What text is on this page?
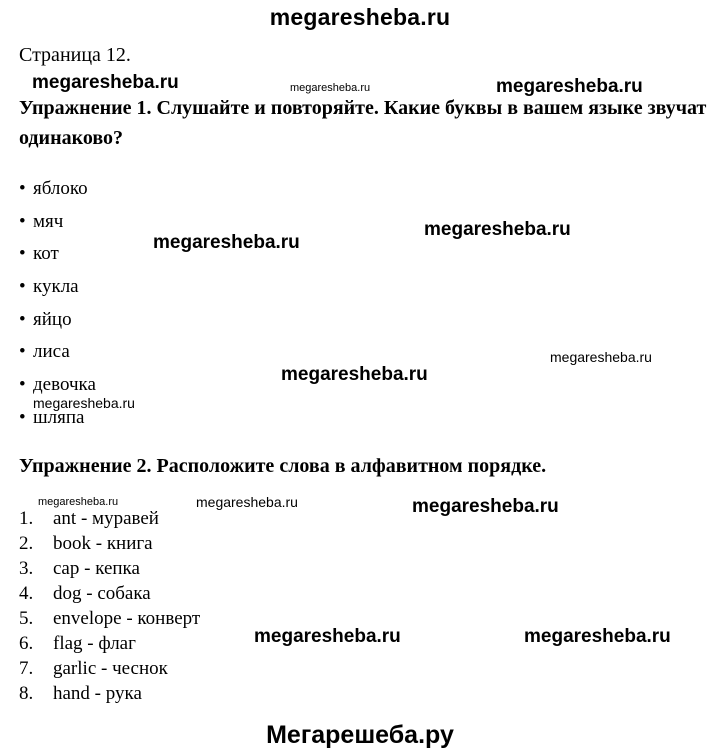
megaresheba.ru
Страница 12.
megaresheba.ru	megaresheba.ru	megaresheba.ru
Упражнение 1. Слушайте и повторяйте. Какие буквы в вашем языке звучат одинаково?
• яблоко
• мяч
• кот
• кукла
• яйцо
• лиса
• девочка
• шляпа
megaresheba.ru
megaresheba.ru
megaresheba.ru
megaresheba.ru
megaresheba.ru
Упражнение 2. Расположите слова в алфавитном порядке.
megaresheba.ru	megaresheba.ru	megaresheba.ru
1. ant - муравей
2. book - книга
3. cap - кепка
4. dog - собака
5. envelope - конверт
6. flag - флаг
7. garlic - чеснок
8. hand - рука
megaresheba.ru	megaresheba.ru
Мегарешеба.ру
